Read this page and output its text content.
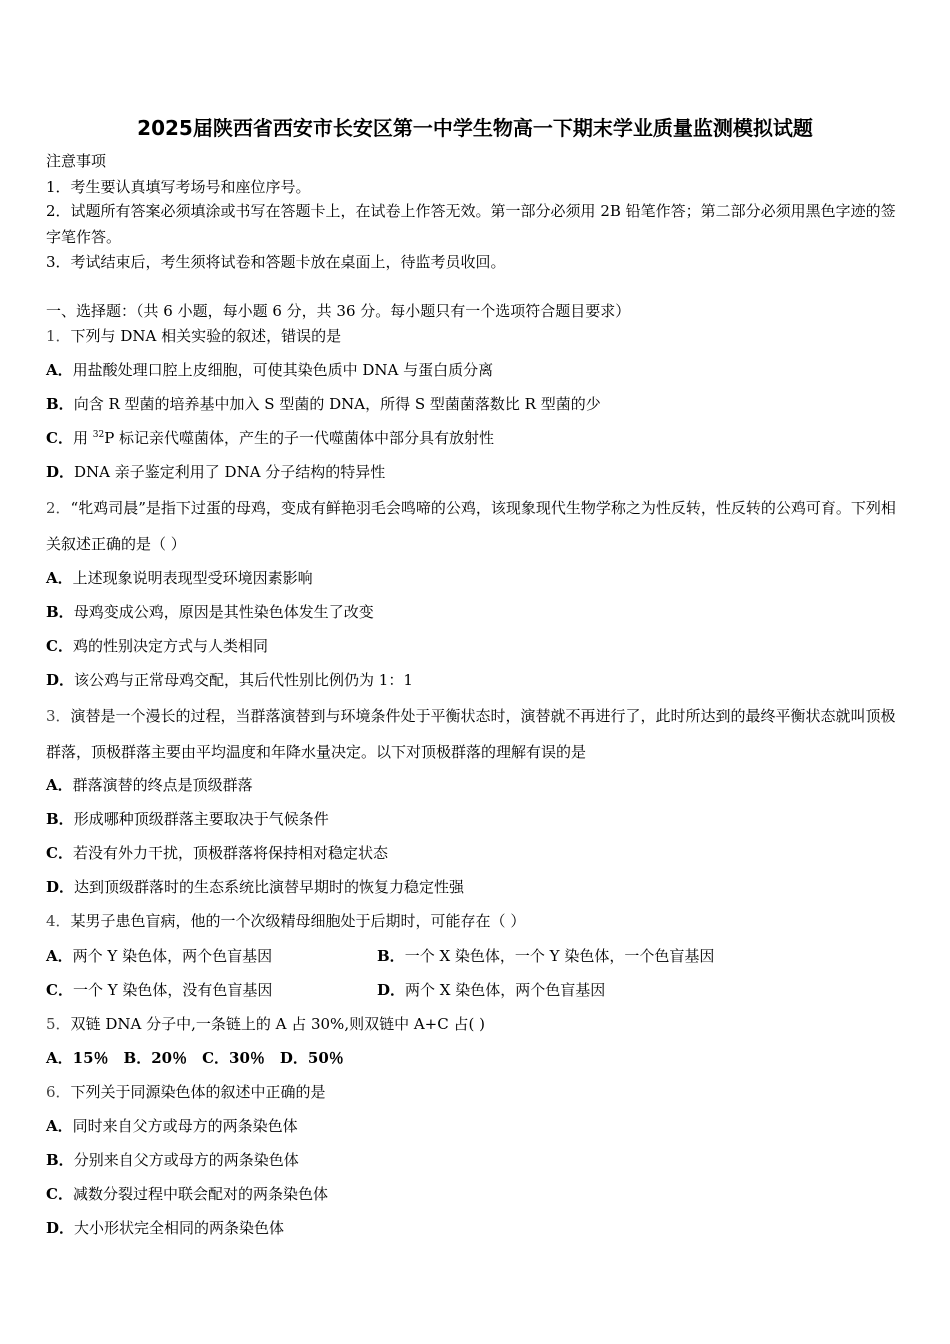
2025届陕西省西安市长安区第一中学生物高一下期末学业质量监测模拟试题
注意事项
1．考生要认真填写考场号和座位序号。
2．试题所有答案必须填涂或书写在答题卡上，在试卷上作答无效。第一部分必须用 2B 铅笔作答；第二部分必须用黑色字迹的签字笔作答。
3．考试结束后，考生须将试卷和答题卡放在桌面上，待监考员收回。
一、选择题：（共 6 小题，每小题 6 分，共 36 分。每小题只有一个选项符合题目要求）
1．下列与 DNA 相关实验的叙述，错误的是
A．用盐酸处理口腔上皮细胞，可使其染色质中 DNA 与蛋白质分离
B．向含 R 型菌的培养基中加入 S 型菌的 DNA，所得 S 型菌菌落数比 R 型菌的少
C．用 $^{32}$P 标记亲代噬菌体，产生的子一代噬菌体中部分具有放射性
D．DNA 亲子鉴定利用了 DNA 分子结构的特异性
2．“牝鸡司晨”是指下过蛋的母鸡，变成有鲜艳羽毛会鸣啼的公鸡，该现象现代生物学称之为性反转，性反转的公鸡可育。下列相关叙述正确的是（ ）
A．上述现象说明表现型受环境因素影响
B．母鸡变成公鸡，原因是其性染色体发生了改变
C．鸡的性别决定方式与人类相同
D．该公鸡与正常母鸡交配，其后代性别比例仍为 1：1
3．演替是一个漫长的过程，当群落演替到与环境条件处于平衡状态时，演替就不再进行了，此时所达到的最终平衡状态就叫顶极群落，顶极群落主要由平均温度和年降水量决定。以下对顶极群落的理解有误的是
A．群落演替的终点是顶级群落
B．形成哪种顶级群落主要取决于气候条件
C．若没有外力干扰，顶极群落将保持相对稳定状态
D．达到顶级群落时的生态系统比演替早期时的恢复力稳定性强
4．某男子患色盲病，他的一个次级精母细胞处于后期时，可能存在（ ）
A．两个 Y 染色体，两个色盲基因	B．一个 X 染色体，一个 Y 染色体，一个色盲基因
C．一个 Y 染色体，没有色盲基因	D．两个 X 染色体，两个色盲基因
5．双链 DNA 分子中,一条链上的 A 占 30%,则双链中 A+C 占( )
A．15％　B．20％　C．30％　D．50％
6．下列关于同源染色体的叙述中正确的是
A．同时来自父方或母方的两条染色体
B．分别来自父方或母方的两条染色体
C．减数分裂过程中联会配对的两条染色体
D．大小形状完全相同的两条染色体
